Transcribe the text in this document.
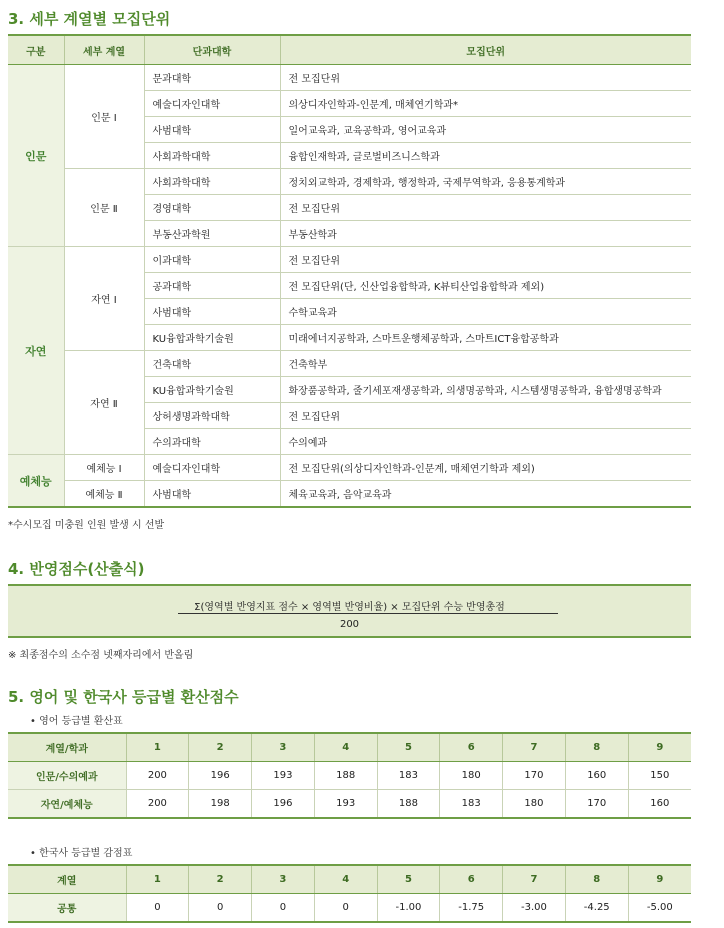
3. 세부 계열별 모집단위
구분	세부 계열	단과대학	모집단위
인문	인문 Ⅰ	문과대학	전 모집단위
		예술디자인대학	의상디자인학과-인문계, 매체연기학과*
		사범대학	일어교육과, 교육공학과, 영어교육과
		사회과학대학	융합인재학과, 글로벌비즈니스학과
	인문 Ⅱ	사회과학대학	정치외교학과, 경제학과, 행정학과, 국제무역학과, 응용통계학과
		경영대학	전 모집단위
		부동산과학원	부동산학과
자연	자연 Ⅰ	이과대학	전 모집단위
		공과대학	전 모집단위(단, 신산업융합학과, K뷰티산업융합학과 제외)
		사범대학	수학교육과
		KU융합과학기술원	미래에너지공학과, 스마트운행체공학과, 스마트ICT융합공학과
	자연 Ⅱ	건축대학	건축학부
		KU융합과학기술원	화장품공학과, 줄기세포재생공학과, 의생명공학과, 시스템생명공학과, 융합생명공학과
		상허생명과학대학	전 모집단위
		수의과대학	수의예과
예체능	예체능 Ⅰ	예술디자인대학	전 모집단위(의상디자인학과-인문계, 매체연기학과 제외)
	예체능 Ⅱ	사범대학	체육교육과, 음악교육과
*수시모집 미충원 인원 발생 시 선발
4. 반영점수(산출식)
Σ(영역별 반영지표 점수 × 영역별 반영비율) × 모집단위 수능 반영총점
200
※ 최종점수의 소수점 넷째자리에서 반올림
5. 영어 및 한국사 등급별 환산점수
• 영어 등급별 환산표
계열/학과	1	2	3	4	5	6	7	8	9
인문/수의예과	200	196	193	188	183	180	170	160	150
자연/예체능	200	198	196	193	188	183	180	170	160
• 한국사 등급별 감점표
계열	1	2	3	4	5	6	7	8	9
공통	0	0	0	0	-1.00	-1.75	-3.00	-4.25	-5.00
